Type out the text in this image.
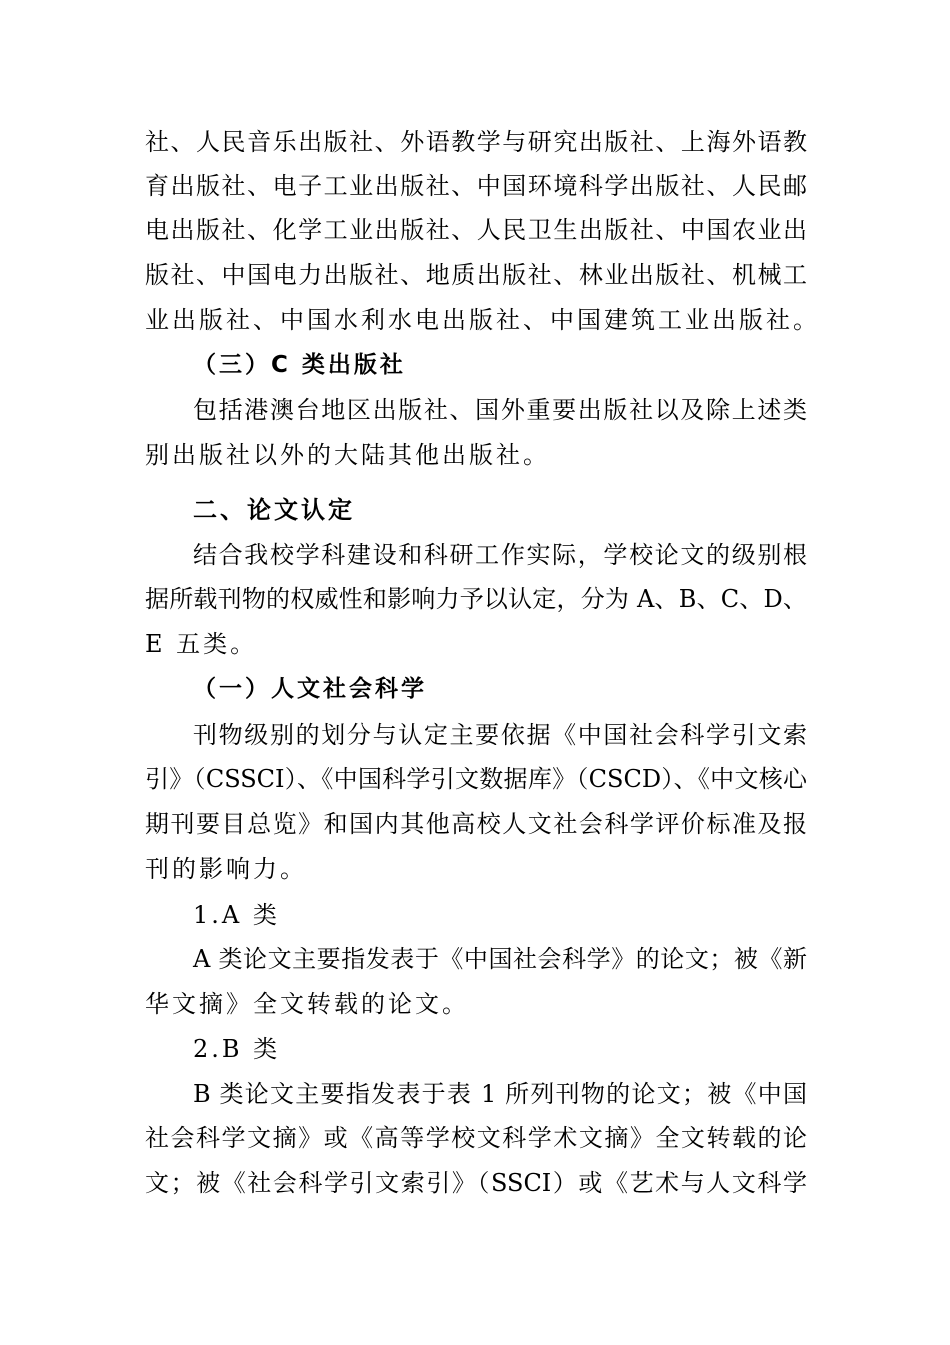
社、人民音乐出版社、外语教学与研究出版社、上海外语教
育出版社、电子工业出版社、中国环境科学出版社、人民邮
电出版社、化学工业出版社、人民卫生出版社、中国农业出
版社、中国电力出版社、地质出版社、林业出版社、机械工
业出版社、中国水利水电出版社、中国建筑工业出版社。
（三）C 类出版社
包括港澳台地区出版社、国外重要出版社以及除上述类
别出版社以外的大陆其他出版社。
二、论文认定
结合我校学科建设和科研工作实际，学校论文的级别根
据所载刊物的权威性和影响力予以认定，分为 A、B、C、D、
E 五类。
（一）人文社会科学
刊物级别的划分与认定主要依据《中国社会科学引文索
引》（CSSCI）、《中国科学引文数据库》（CSCD）、《中文核心
期刊要目总览》和国内其他高校人文社会科学评价标准及报
刊的影响力。
1.A 类
A 类论文主要指发表于《中国社会科学》的论文；被《新
华文摘》全文转载的论文。
2.B 类
B 类论文主要指发表于表 1 所列刊物的论文；被《中国
社会科学文摘》或《高等学校文科学术文摘》全文转载的论
文；被《社会科学引文索引》（SSCI）或《艺术与人文科学
